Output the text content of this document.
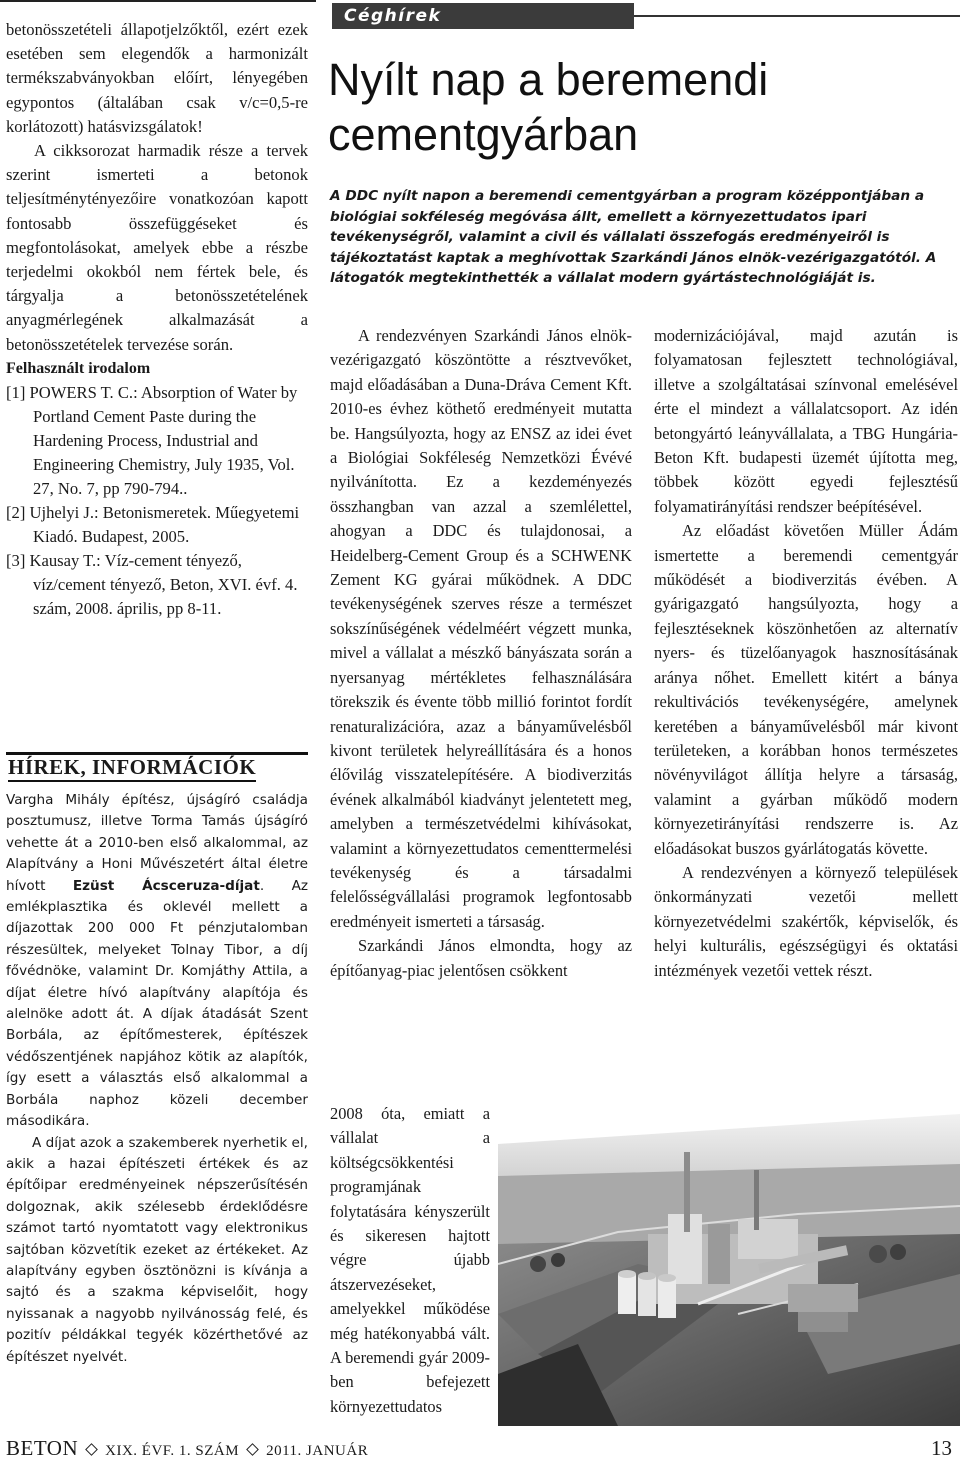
betonösszetételi állapotjelzőktől, ezért ezek esetében sem elegendők a harmonizált termékszabványokban előírt, lényegében egypontos (általában csak v/c=0,5-re korlátozott) hatásvizsgálatok!

A cikksorozat harmadik része a tervek szerint ismerteti a betonok teljesítménytényezőire vonatkozóan kapott fontosabb összefüggéseket és megfontolásokat, amelyek ebbe a részbe terjedelmi okokból nem fértek bele, és tárgyalja a betonösszetételének anyagmérlegének alkalmazását a betonösszetételek tervezése során.

Felhasznált irodalom

[1] POWERS T. C.: Absorption of Water by Portland Cement Paste during the Hardening Process, Industrial and Engineering Chemistry, July 1935, Vol. 27, No. 7, pp 790-794..

[2] Ujhelyi J.: Betonismeretek. Műegyetemi Kiadó. Budapest, 2005.

[3] Kausay T.: Víz-cement tényező, víz/cement tényező, Beton, XVI. évf. 4. szám, 2008. április, pp 8-11.

HÍREK, INFORMÁCIÓK

Vargha Mihály építész, újságíró családja posztumusz, illetve Torma Tamás újságíró vehette át a 2010-ben első alkalommal, az Alapítvány a Honi Művészetért által életre hívott Ezüst Ácsceruza-díjat. Az emlékplasztika és oklevél mellett a díjazottak 200 000 Ft pénzjutalomban részesültek, melyeket Tolnay Tibor, a díj fővédnöke, valamint Dr. Komjáthy Attila, a díjat életre hívó alapítvány alapítója és alelnöke adott át. A díjak átadását Szent Borbála, az építőmesterek, építészek védőszentjének napjához kötik az alapítók, így esett a választás első alkalommal a Borbála naphoz közeli december másodikára.

A díjat azok a szakemberek nyerhetik el, akik a hazai építészeti értékek és az építőipar eredményeinek népszerűsítésén dolgoznak, akik szélesebb érdeklődésre számot tartó nyomtatott vagy elektronikus sajtóban közvetítik ezeket az értékeket. Az alapítvány egyben ösztönözni is kívánja a sajtó és a szakma képviselőit, hogy nyissanak a nagyobb nyilvánosság felé, és pozitív példákkal tegyék közérthetővé az építészet nyelvét.

Céghírek
Nyílt nap a beremendi
cementgyárban
A DDC nyílt napon a beremendi cementgyárban a program középpontjában a biológiai sokféleség megóvása állt, emellett a környezettudatos ipari tevékenységről, valamint a civil és vállalati összefogás eredményeiről is tájékoztatást kaptak a meghívottak Szarkándi János elnök-vezérigazgatótól. A látogatók megtekinthették a vállalat modern gyártástechnológiáját is.

A rendezvényen Szarkándi János elnök-vezérigazgató köszöntötte a résztvevőket, majd előadásában a Duna-Dráva Cement Kft. 2010-es évhez köthető eredményeit mutatta be. Hangsúlyozta, hogy az ENSZ az idei évet a Biológiai Sokféleség Nemzetközi Évévé nyilvánította. Ez a kezdeményezés összhangban van azzal a szemlélettel, ahogyan a DDC és tulajdonosai, a Heidelberg-Cement Group és a SCHWENK Zement KG gyárai működnek. A DDC tevékenységének szerves része a természet sokszínűségének védelméért végzett munka, mivel a vállalat a mészkő bányászata során a nyersanyag mértékletes felhasználására törekszik és évente több millió forintot fordít renaturalizációra, azaz a bányaművelésből kivont területek helyreállítására és a honos élővilág visszatelepítésére. A biodiverzitás évének alkalmából kiadványt jelentetett meg, amelyben a természetvédelmi kihívásokat, valamint a környezettudatos cementtermelési tevékenység és a társadalmi felelősségvállalási programok legfontosabb eredményeit ismerteti a társaság.

Szarkándi János elmondta, hogy az építőanyag-piac jelentősen csökkent

2008 óta, emiatt a vállalat a költségcsökkentési programjának folytatására kényszerült és sikeresen hajtott végre újabb átszervezéseket, amelyekkel működése még hatékonyabbá vált. A beremendi gyár 2009-ben befejezett környezettudatos

modernizációjával, majd azután is folyamatosan fejlesztett technológiával, illetve a szolgáltatásai színvonal emelésével érte el mindezt a vállalatcsoport. Az idén betongyártó leányvállalata, a TBG Hungária-Beton Kft. budapesti üzemét újította meg, többek között egyedi fejlesztésű folyamatirányítási rendszer beépítésével.

Az előadást követően Müller Ádám ismertette a beremendi cementgyár működését a biodiverzitás évében. A gyárigazgató hangsúlyozta, hogy a fejlesztéseknek köszönhetően az alternatív nyers- és tüzelőanyagok hasznosításának aránya nőhet. Emellett kitért a bánya rekultivációs tevékenységére, amelynek keretében a bányaművelésből már kivont területeken, a korábban honos természetes növényvilágot állítja helyre a társaság, valamint a gyárban működő modern környezetirányítási rendszerre is. Az előadásokat buszos gyárlátogatás követte.

A rendezvényen a környező települések önkormányzati vezetői mellett környezetvédelmi szakértők, képviselők, és helyi kulturális, egészségügyi és oktatási intézmények vezetői vettek részt.

BETON XIX. ÉVF. 1. SZÁM 2011. JANUÁR	13
